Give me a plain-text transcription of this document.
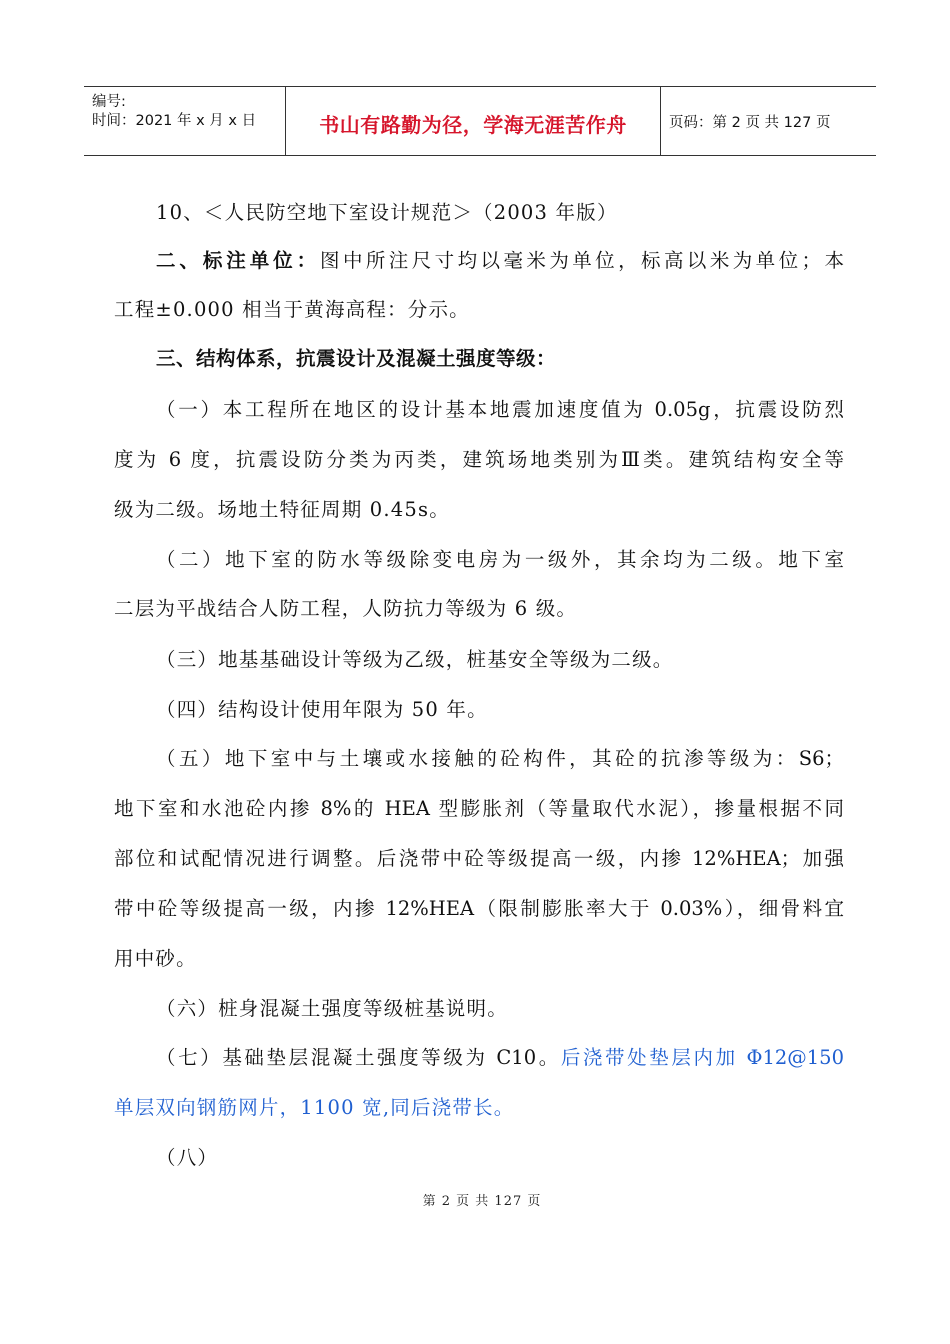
编号:
时间：2021 年 x 月 x 日	书山有路勤为径，学海无涯苦作舟	页码：第 2 页 共 127 页
10、＜人民防空地下室设计规范＞（2003 年版）
二、标注单位：图中所注尺寸均以毫米为单位，标高以米为单位；本
工程±0.000 相当于黄海高程：分示。
三、结构体系，抗震设计及混凝土强度等级：
（一）本工程所在地区的设计基本地震加速度值为 0.05g，抗震设防烈
度为 6 度，抗震设防分类为丙类，建筑场地类别为Ⅲ类。建筑结构安全等
级为二级。场地土特征周期 0.45s。
（二）地下室的防水等级除变电房为一级外，其余均为二级。地下室
二层为平战结合人防工程，人防抗力等级为 6 级。
（三）地基基础设计等级为乙级，桩基安全等级为二级。
（四）结构设计使用年限为 50 年。
（五）地下室中与土壤或水接触的砼构件，其砼的抗渗等级为：S6；
地下室和水池砼内掺 8%的 HEA 型膨胀剂（等量取代水泥），掺量根据不同
部位和试配情况进行调整。后浇带中砼等级提高一级，内掺 12%HEA；加强
带中砼等级提高一级，内掺 12%HEA（限制膨胀率大于 0.03%），细骨料宜
用中砂。
（六）桩身混凝土强度等级桩基说明。
（七）基础垫层混凝土强度等级为 C10。后浇带处垫层内加 Φ12@150
单层双向钢筋网片，1100 宽,同后浇带长。
（八）
第 2 页 共 127 页
